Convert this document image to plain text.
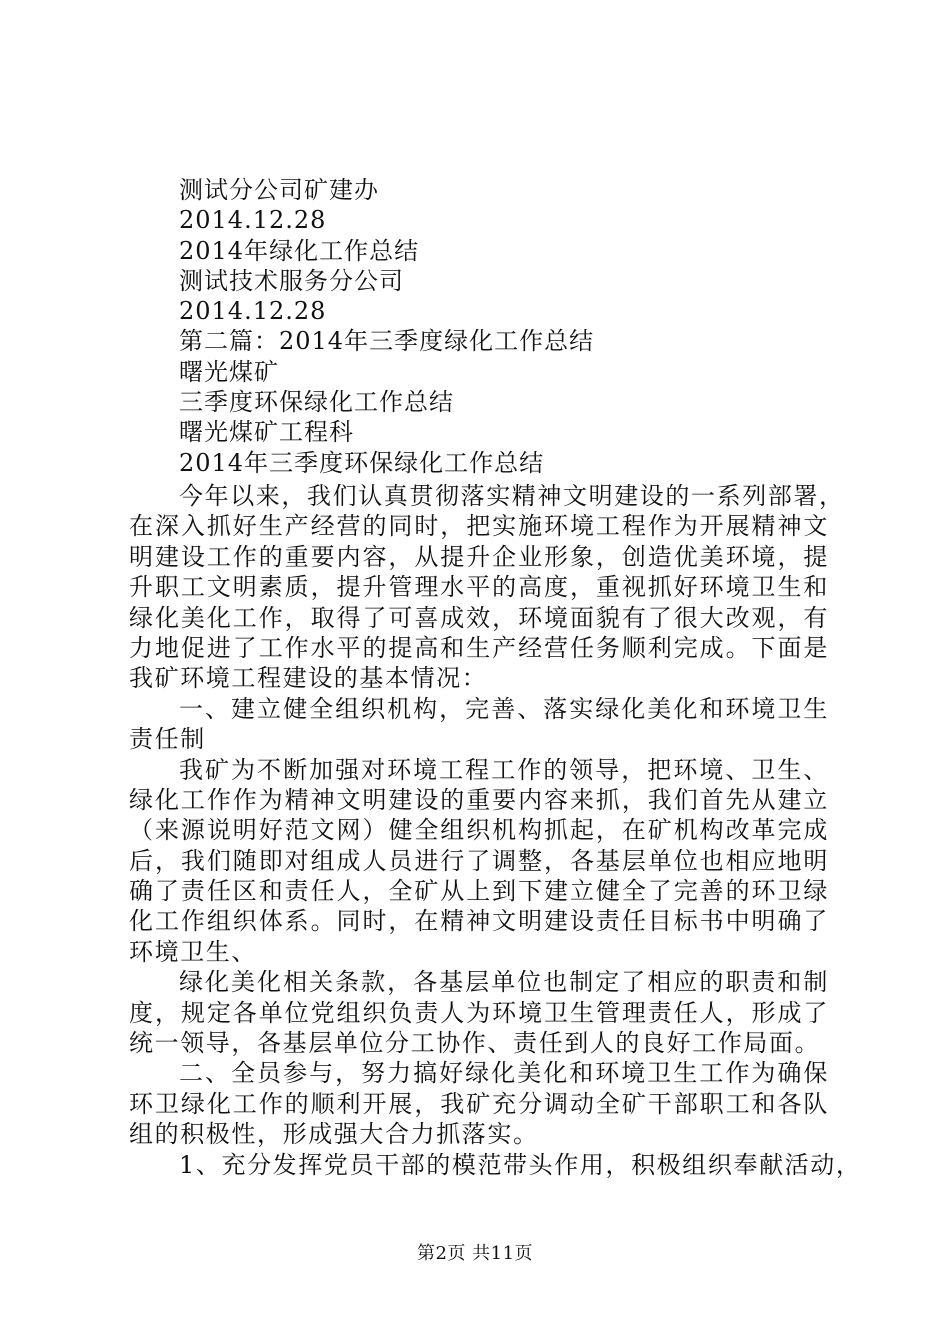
测试分公司矿建办
2014.12.28
2014年绿化工作总结
测试技术服务分公司
2014.12.28
第二篇：2014年三季度绿化工作总结
曙光煤矿
三季度环保绿化工作总结
曙光煤矿工程科
2014年三季度环保绿化工作总结
今年以来，我们认真贯彻落实精神文明建设的一系列部署，
在深入抓好生产经营的同时，把实施环境工程作为开展精神文
明建设工作的重要内容，从提升企业形象，创造优美环境，提
升职工文明素质，提升管理水平的高度，重视抓好环境卫生和
绿化美化工作，取得了可喜成效，环境面貌有了很大改观，有
力地促进了工作水平的提高和生产经营任务顺利完成。下面是
我矿环境工程建设的基本情况：
一、建立健全组织机构，完善、落实绿化美化和环境卫生
责任制
我矿为不断加强对环境工程工作的领导，把环境、卫生、
绿化工作作为精神文明建设的重要内容来抓，我们首先从建立
（来源说明好范文网）健全组织机构抓起，在矿机构改革完成
后，我们随即对组成人员进行了调整，各基层单位也相应地明
确了责任区和责任人，全矿从上到下建立健全了完善的环卫绿
化工作组织体系。同时，在精神文明建设责任目标书中明确了
环境卫生、
绿化美化相关条款，各基层单位也制定了相应的职责和制
度，规定各单位党组织负责人为环境卫生管理责任人，形成了
统一领导，各基层单位分工协作、责任到人的良好工作局面。
二、全员参与，努力搞好绿化美化和环境卫生工作为确保
环卫绿化工作的顺利开展，我矿充分调动全矿干部职工和各队
组的积极性，形成强大合力抓落实。
1、充分发挥党员干部的模范带头作用，积极组织奉献活动，
第2页 共11页
